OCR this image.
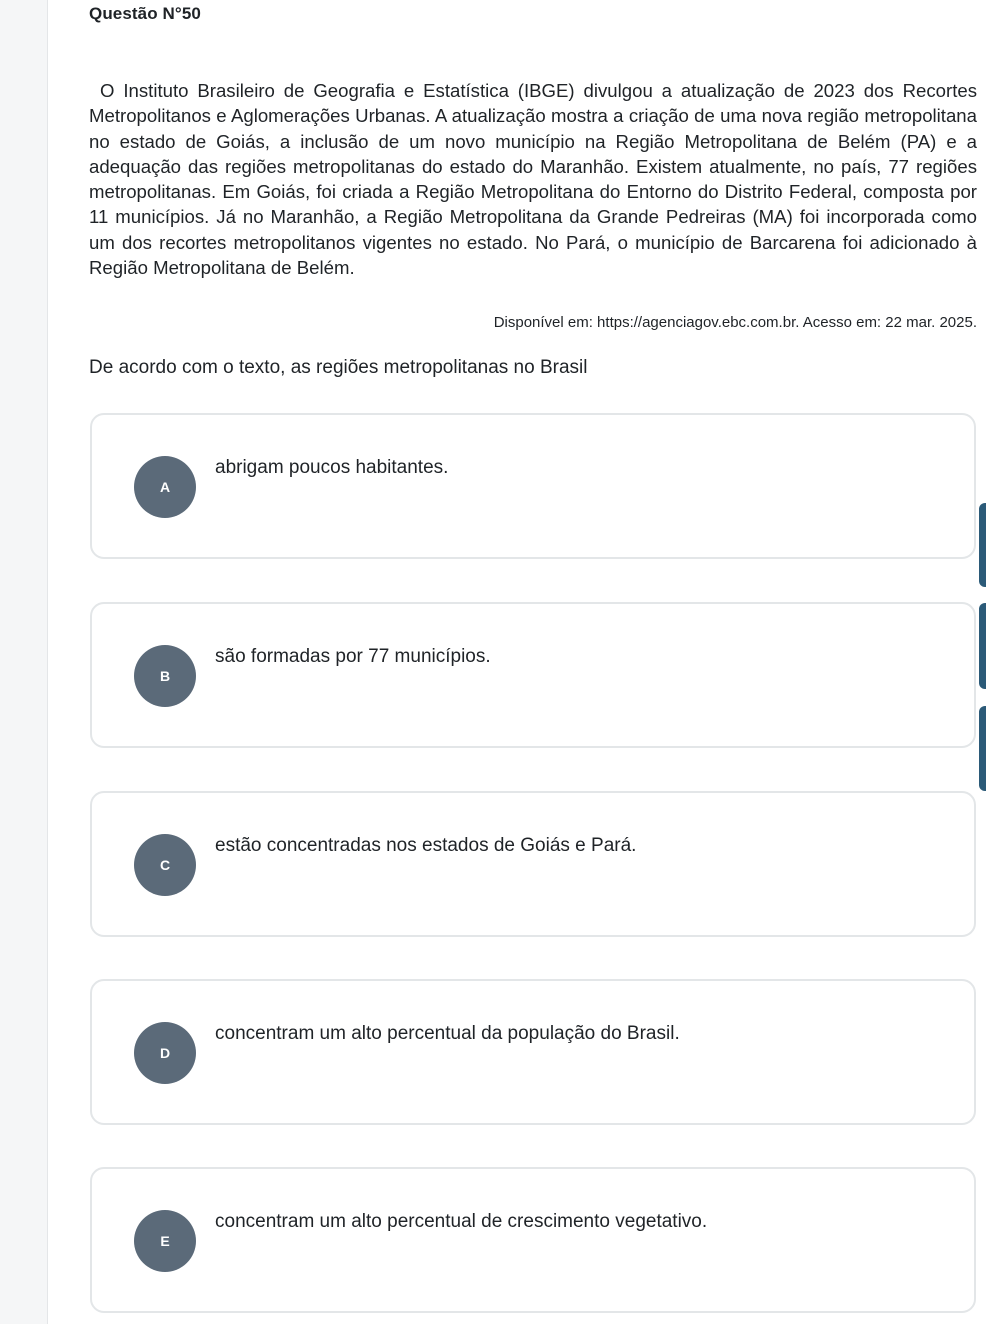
Questão N°50

O Instituto Brasileiro de Geografia e Estatística (IBGE) divulgou a atualização de 2023 dos Recortes Metropolitanos e Aglomerações Urbanas. A atualização mostra a criação de uma nova região metropolitana no estado de Goiás, a inclusão de um novo município na Região Metropolitana de Belém (PA) e a adequação das regiões metropolitanas do estado do Maranhão. Existem atualmente, no país, 77 regiões metropolitanas. Em Goiás, foi criada a Região Metropolitana do Entorno do Distrito Federal, composta por 11 municípios. Já no Maranhão, a Região Metropolitana da Grande Pedreiras (MA) foi incorporada como um dos recortes metropolitanos vigentes no estado. No Pará, o município de Barcarena foi adicionado à Região Metropolitana de Belém.

Disponível em: https://agenciagov.ebc.com.br. Acesso em: 22 mar. 2025.
De acordo com o texto, as regiões metropolitanas no Brasil
A
abrigam poucos habitantes.
B
são formadas por 77 municípios.
C
estão concentradas nos estados de Goiás e Pará.
D
concentram um alto percentual da população do Brasil.
E
concentram um alto percentual de crescimento vegetativo.
